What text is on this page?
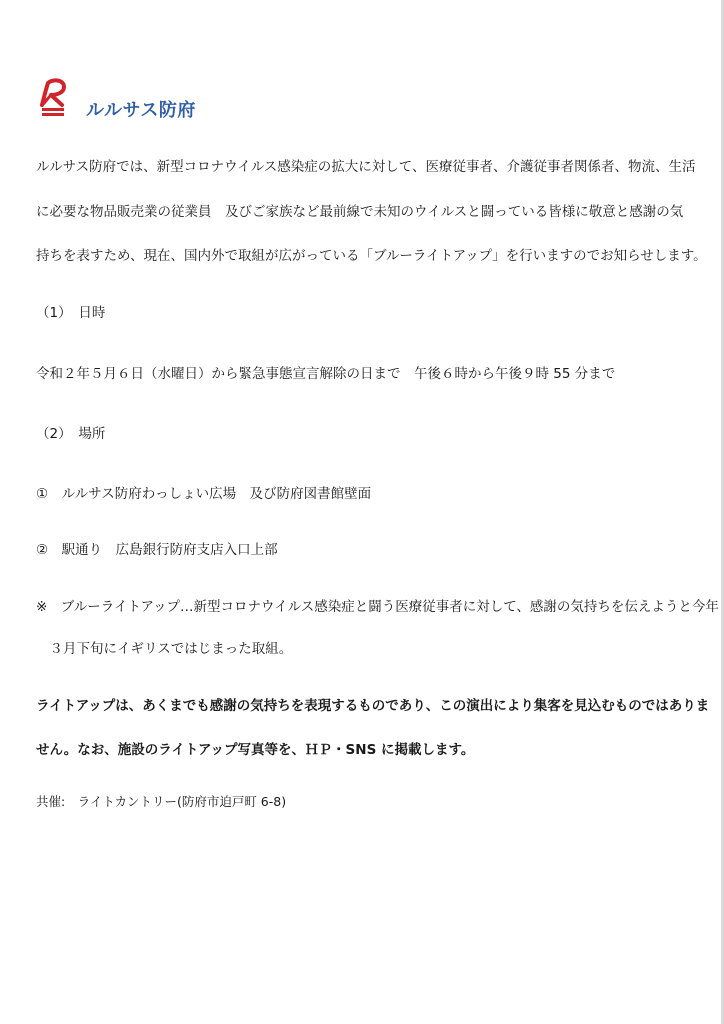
ルルサス防府
ルルサス防府では、新型コロナウイルス感染症の拡大に対して、医療従事者、介護従事者関係者、物流、生活
に必要な物品販売業の従業員　及びご家族など最前線で未知のウイルスと闘っている皆様に敬意と感謝の気
持ちを表すため、現在、国内外で取組が広がっている「ブルーライトアップ」を行いますのでお知らせします。
（1）　日時
令和２年５月６日（水曜日）から緊急事態宣言解除の日まで　午後６時から午後９時 55 分まで
（2）　場所
①　ルルサス防府わっしょい広場　及び防府図書館壁面
②　駅通り　広島銀行防府支店入口上部
※　ブルーライトアップ…新型コロナウイルス感染症と闘う医療従事者に対して、感謝の気持ちを伝えようと今年
　３月下旬にイギリスではじまった取組。
ライトアップは、あくまでも感謝の気持ちを表現するものであり、この演出により集客を見込むものではありま
せん。なお、施設のライトアップ写真等を、ＨＰ・SNS に掲載します。
共催:　ライトカントリー(防府市迫戸町 6-8)
